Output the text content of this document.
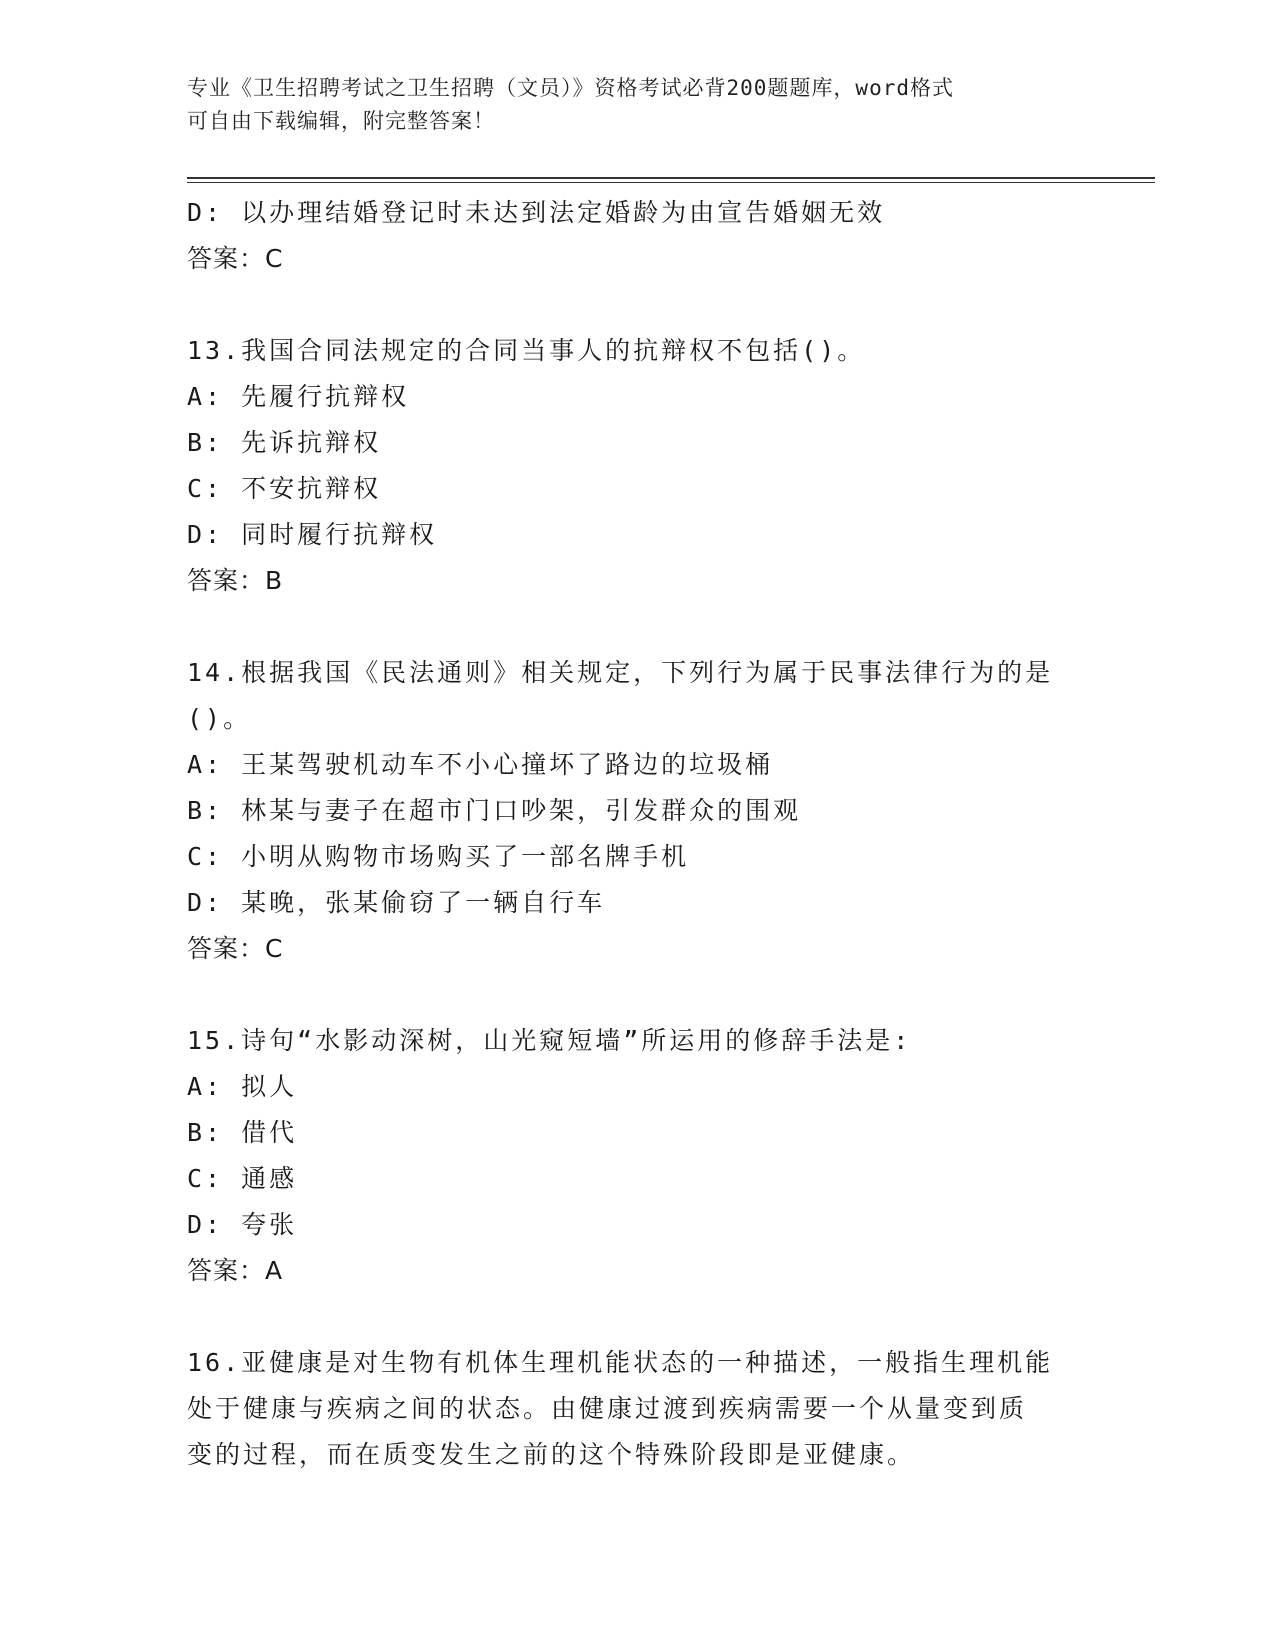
专业《卫生招聘考试之卫生招聘（文员）》资格考试必背200题题库，word格式
可自由下载编辑，附完整答案！
D: 以办理结婚登记时未达到法定婚龄为由宣告婚姻无效
答案：C
13.我国合同法规定的合同当事人的抗辩权不包括()。
A: 先履行抗辩权
B: 先诉抗辩权
C: 不安抗辩权
D: 同时履行抗辩权
答案：B
14.根据我国《民法通则》相关规定，下列行为属于民事法律行为的是
()。
A: 王某驾驶机动车不小心撞坏了路边的垃圾桶
B: 林某与妻子在超市门口吵架，引发群众的围观
C: 小明从购物市场购买了一部名牌手机
D: 某晚，张某偷窃了一辆自行车
答案：C
15.诗句“水影动深树，山光窥短墙”所运用的修辞手法是:
A: 拟人
B: 借代
C: 通感
D: 夸张
答案：A
16.亚健康是对生物有机体生理机能状态的一种描述，一般指生理机能
处于健康与疾病之间的状态。由健康过渡到疾病需要一个从量变到质
变的过程，而在质变发生之前的这个特殊阶段即是亚健康。
